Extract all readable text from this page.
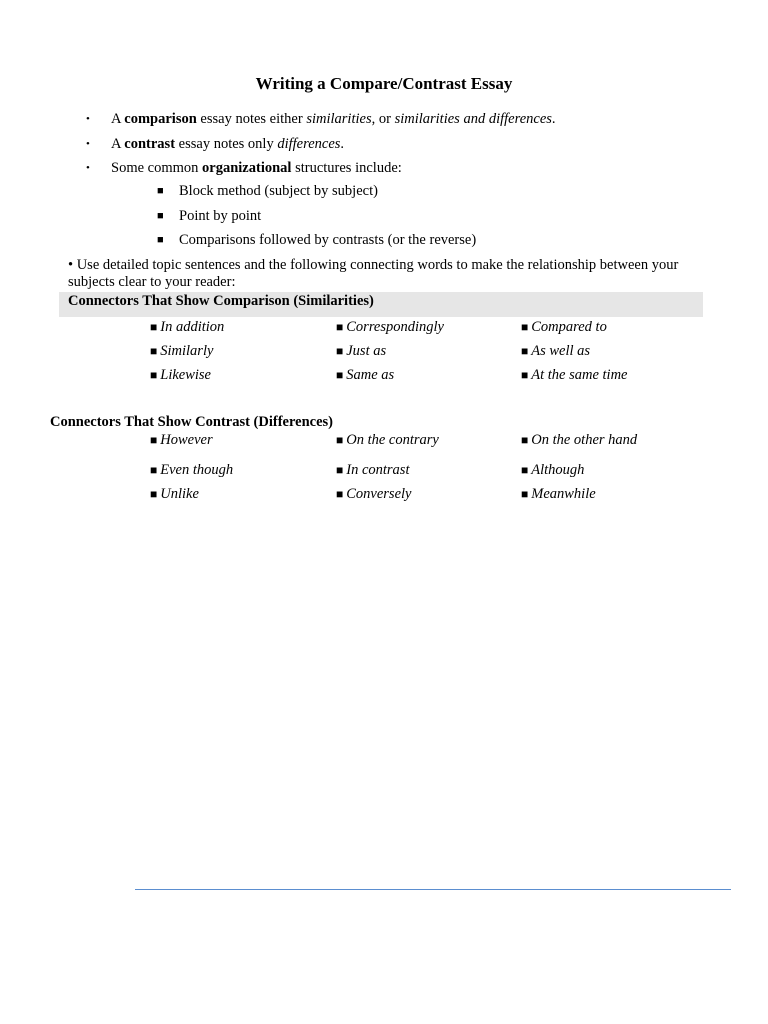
Writing a Compare/Contrast Essay
• A comparison essay notes either similarities, or similarities and differences.
• A contrast essay notes only differences.
• Some common organizational structures include:
■ Block method (subject by subject)
■ Point by point
■ Comparisons followed by contrasts (or the reverse)
• Use detailed topic sentences and the following connecting words to make the relationship between your subjects clear to your reader:
Connectors That Show Comparison (Similarities)
■ In addition	■ Correspondingly	■ Compared to
■ Similarly	■ Just as	■ As well as
■ Likewise	■ Same as	■ At the same time
Connectors That Show Contrast (Differences)
■ However	■ On the contrary	■ On the other hand
■ Even though	■ In contrast	■ Although
■ Unlike	■ Conversely	■ Meanwhile
